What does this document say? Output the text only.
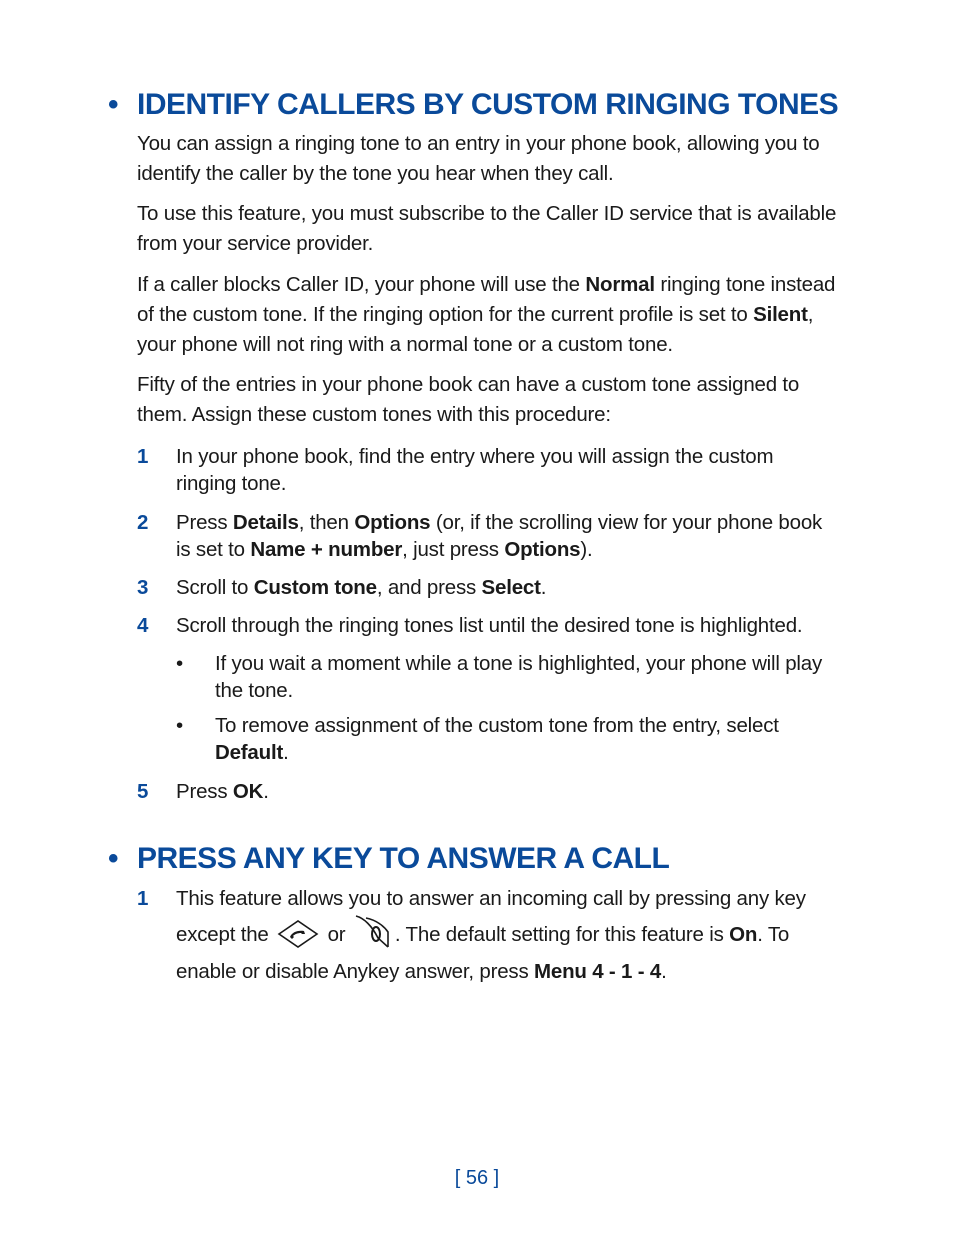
• IDENTIFY CALLERS BY CUSTOM RINGING TONES

You can assign a ringing tone to an entry in your phone book, allowing you to identify the caller by the tone you hear when they call.

To use this feature, you must subscribe to the Caller ID service that is available from your service provider.

If a caller blocks Caller ID, your phone will use the Normal ringing tone instead of the custom tone. If the ringing option for the current profile is set to Silent, your phone will not ring with a normal tone or a custom tone.

Fifty of the entries in your phone book can have a custom tone assigned to them. Assign these custom tones with this procedure:

1 In your phone book, find the entry where you will assign the custom ringing tone.
2 Press Details, then Options (or, if the scrolling view for your phone book is set to Name + number, just press Options).
3 Scroll to Custom tone, and press Select.
4 Scroll through the ringing tones list until the desired tone is highlighted.
• If you wait a moment while a tone is highlighted, your phone will play the tone.
• To remove assignment of the custom tone from the entry, select Default.
5 Press OK.
• PRESS ANY KEY TO ANSWER A CALL
1 This feature allows you to answer an incoming call by pressing any key except the  or . The default setting for this feature is On. To enable or disable Anykey answer, press Menu 4 - 1 - 4.
[ 56 ]
